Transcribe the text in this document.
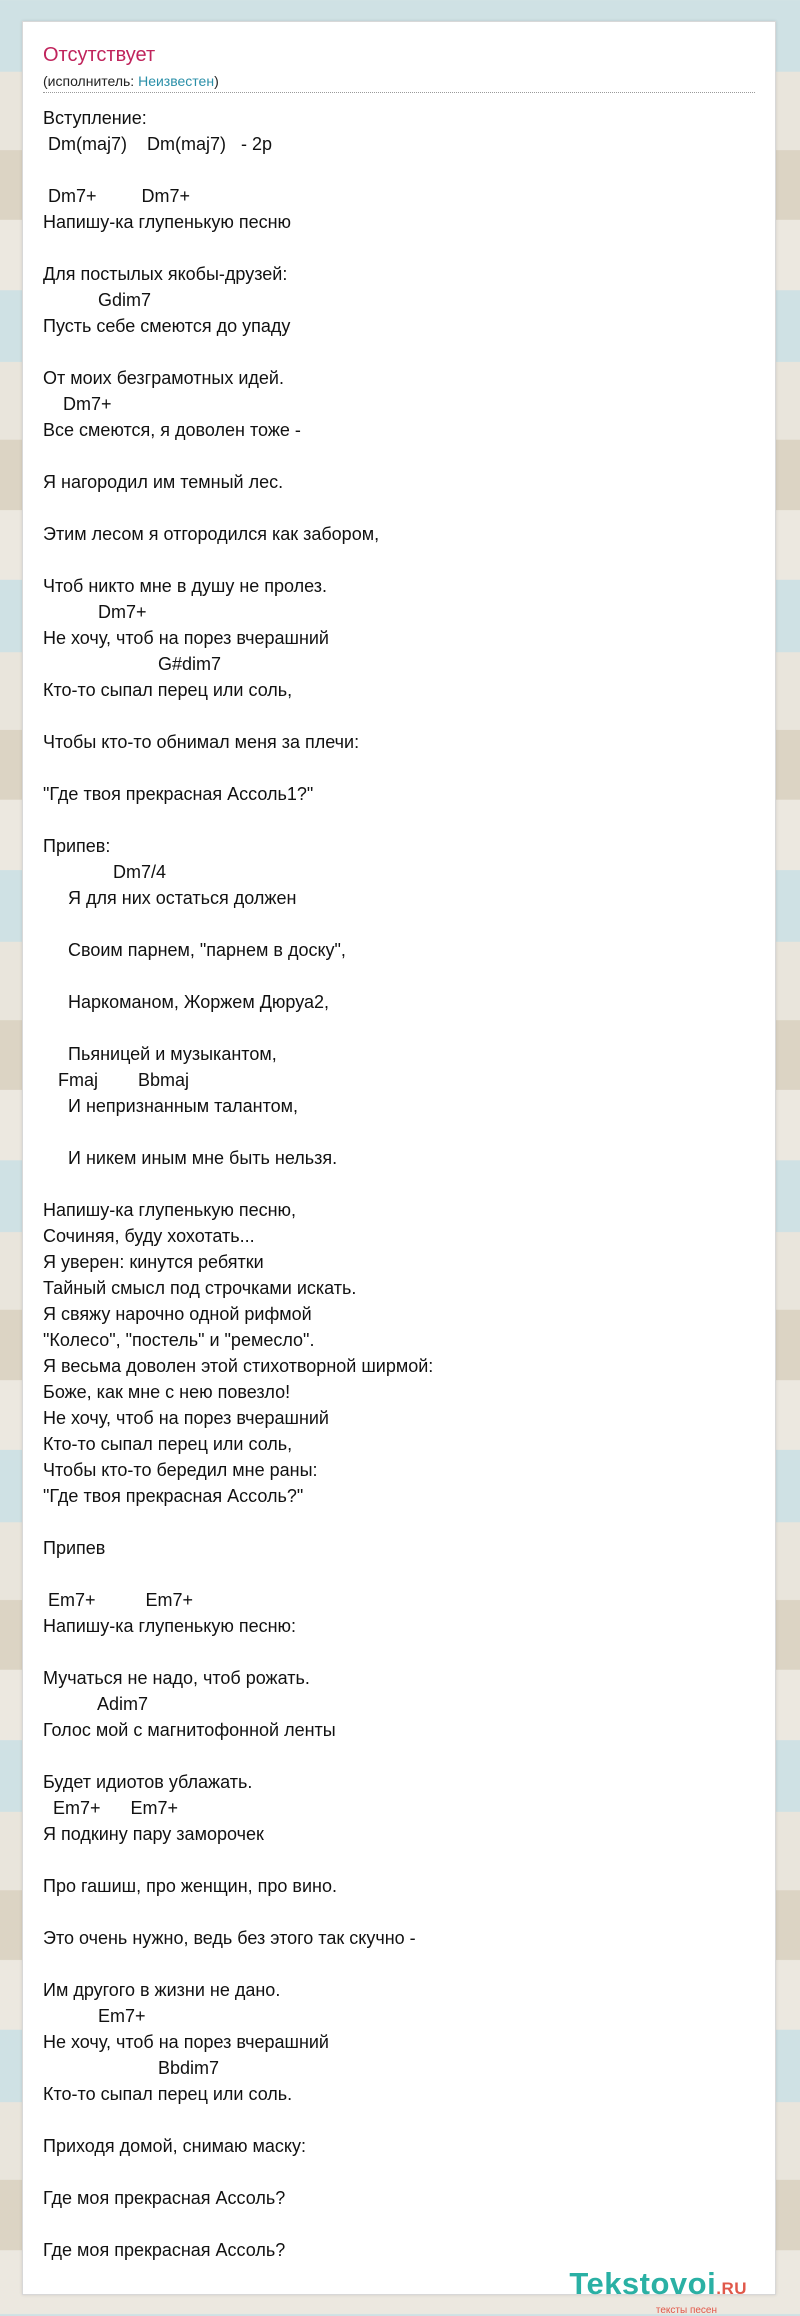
Отсутствует
(исполнитель: Неизвестен)
Вступление:
Dm(maj7)    Dm(maj7)   - 2р
Dm7+         Dm7+
Напишу-ка глупенькую песню
Для постылых якобы-друзей:
Gdim7
Пусть себе смеются до упаду
От моих безграмотных идей.
Dm7+
Все смеются, я доволен тоже -
Я нагородил им темный лес.
Этим лесом я отгородился как забором,
Чтоб никто мне в душу не пролез.
Dm7+
Не хочу, чтоб на порез вчерашний
G#dim7
Кто-то сыпал перец или соль,
Чтобы кто-то обнимал меня за плечи:
"Где твоя прекрасная Ассоль1?"
Припев:
Dm7/4
Я для них остаться должен
Своим парнем, "парнем в доску",
Наркоманом, Жоржем Дюруа2,
Пьяницей и музыкантом,
Fmaj        Bbmaj
И непризнанным талантом,
И никем иным мне быть нельзя.
Напишу-ка глупенькую песню,
Сочиняя, буду хохотать...
Я уверен: кинутся ребятки
Тайный смысл под строчками искать.
Я свяжу нарочно одной рифмой
"Колесо", "постель" и "ремесло".
Я весьма доволен этой стихотворной ширмой:
Боже, как мне с нею повезло!
Не хочу, чтоб на порез вчерашний
Кто-то сыпал перец или соль,
Чтобы кто-то бередил мне раны:
"Где твоя прекрасная Ассоль?"
Припев
Em7+          Em7+
Напишу-ка глупенькую песню:
Мучаться не надо, чтоб рожать.
Adim7
Голос мой с магнитофонной ленты
Будет идиотов ублажать.
Em7+      Em7+
Я подкину пару заморочек
Про гашиш, про женщин, про вино.
Это очень нужно, ведь без этого так скучно -
Им другого в жизни не дано.
Em7+
Не хочу, чтоб на порез вчерашний
Bbdim7
Кто-то сыпал перец или соль.
Приходя домой, снимаю маску:
Где моя прекрасная Ассоль?
Где моя прекрасная Ассоль?
Tekstovoi.RU
тексты песен
